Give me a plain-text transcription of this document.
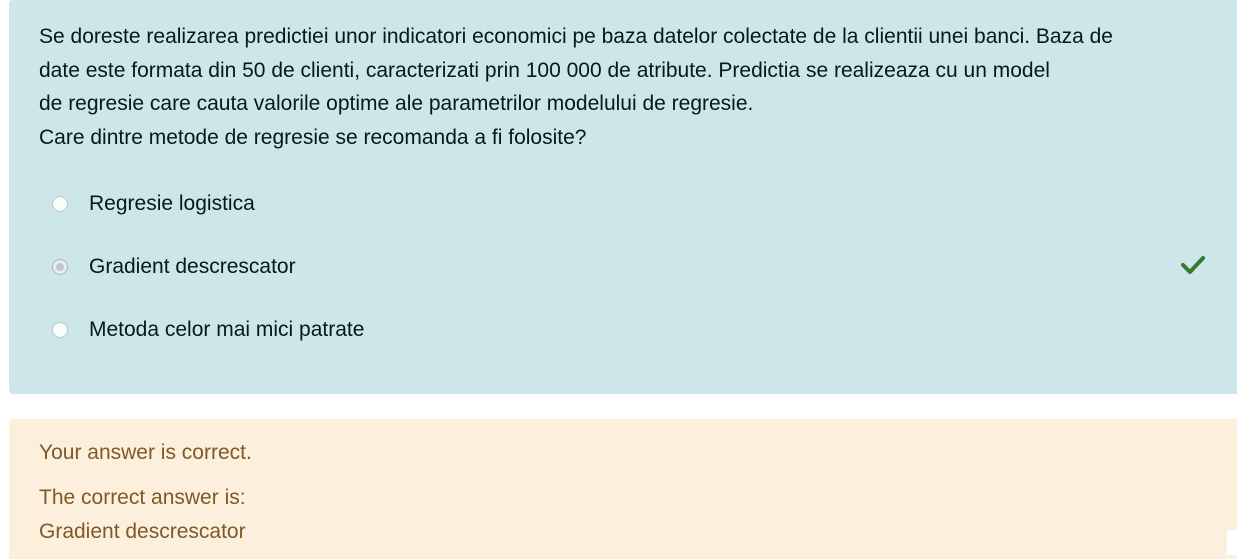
Se doreste realizarea predictiei unor indicatori economici pe baza datelor colectate de la clientii unei banci. Baza de
date este formata din 50 de clienti, caracterizati prin 100 000 de atribute. Predictia se realizeaza cu un model
de regresie care cauta valorile optime ale parametrilor modelului de regresie.
Care dintre metode de regresie se recomanda a fi folosite?
Regresie logistica
Gradient descrescator
Metoda celor mai mici patrate
Your answer is correct.
The correct answer is:
Gradient descrescator
